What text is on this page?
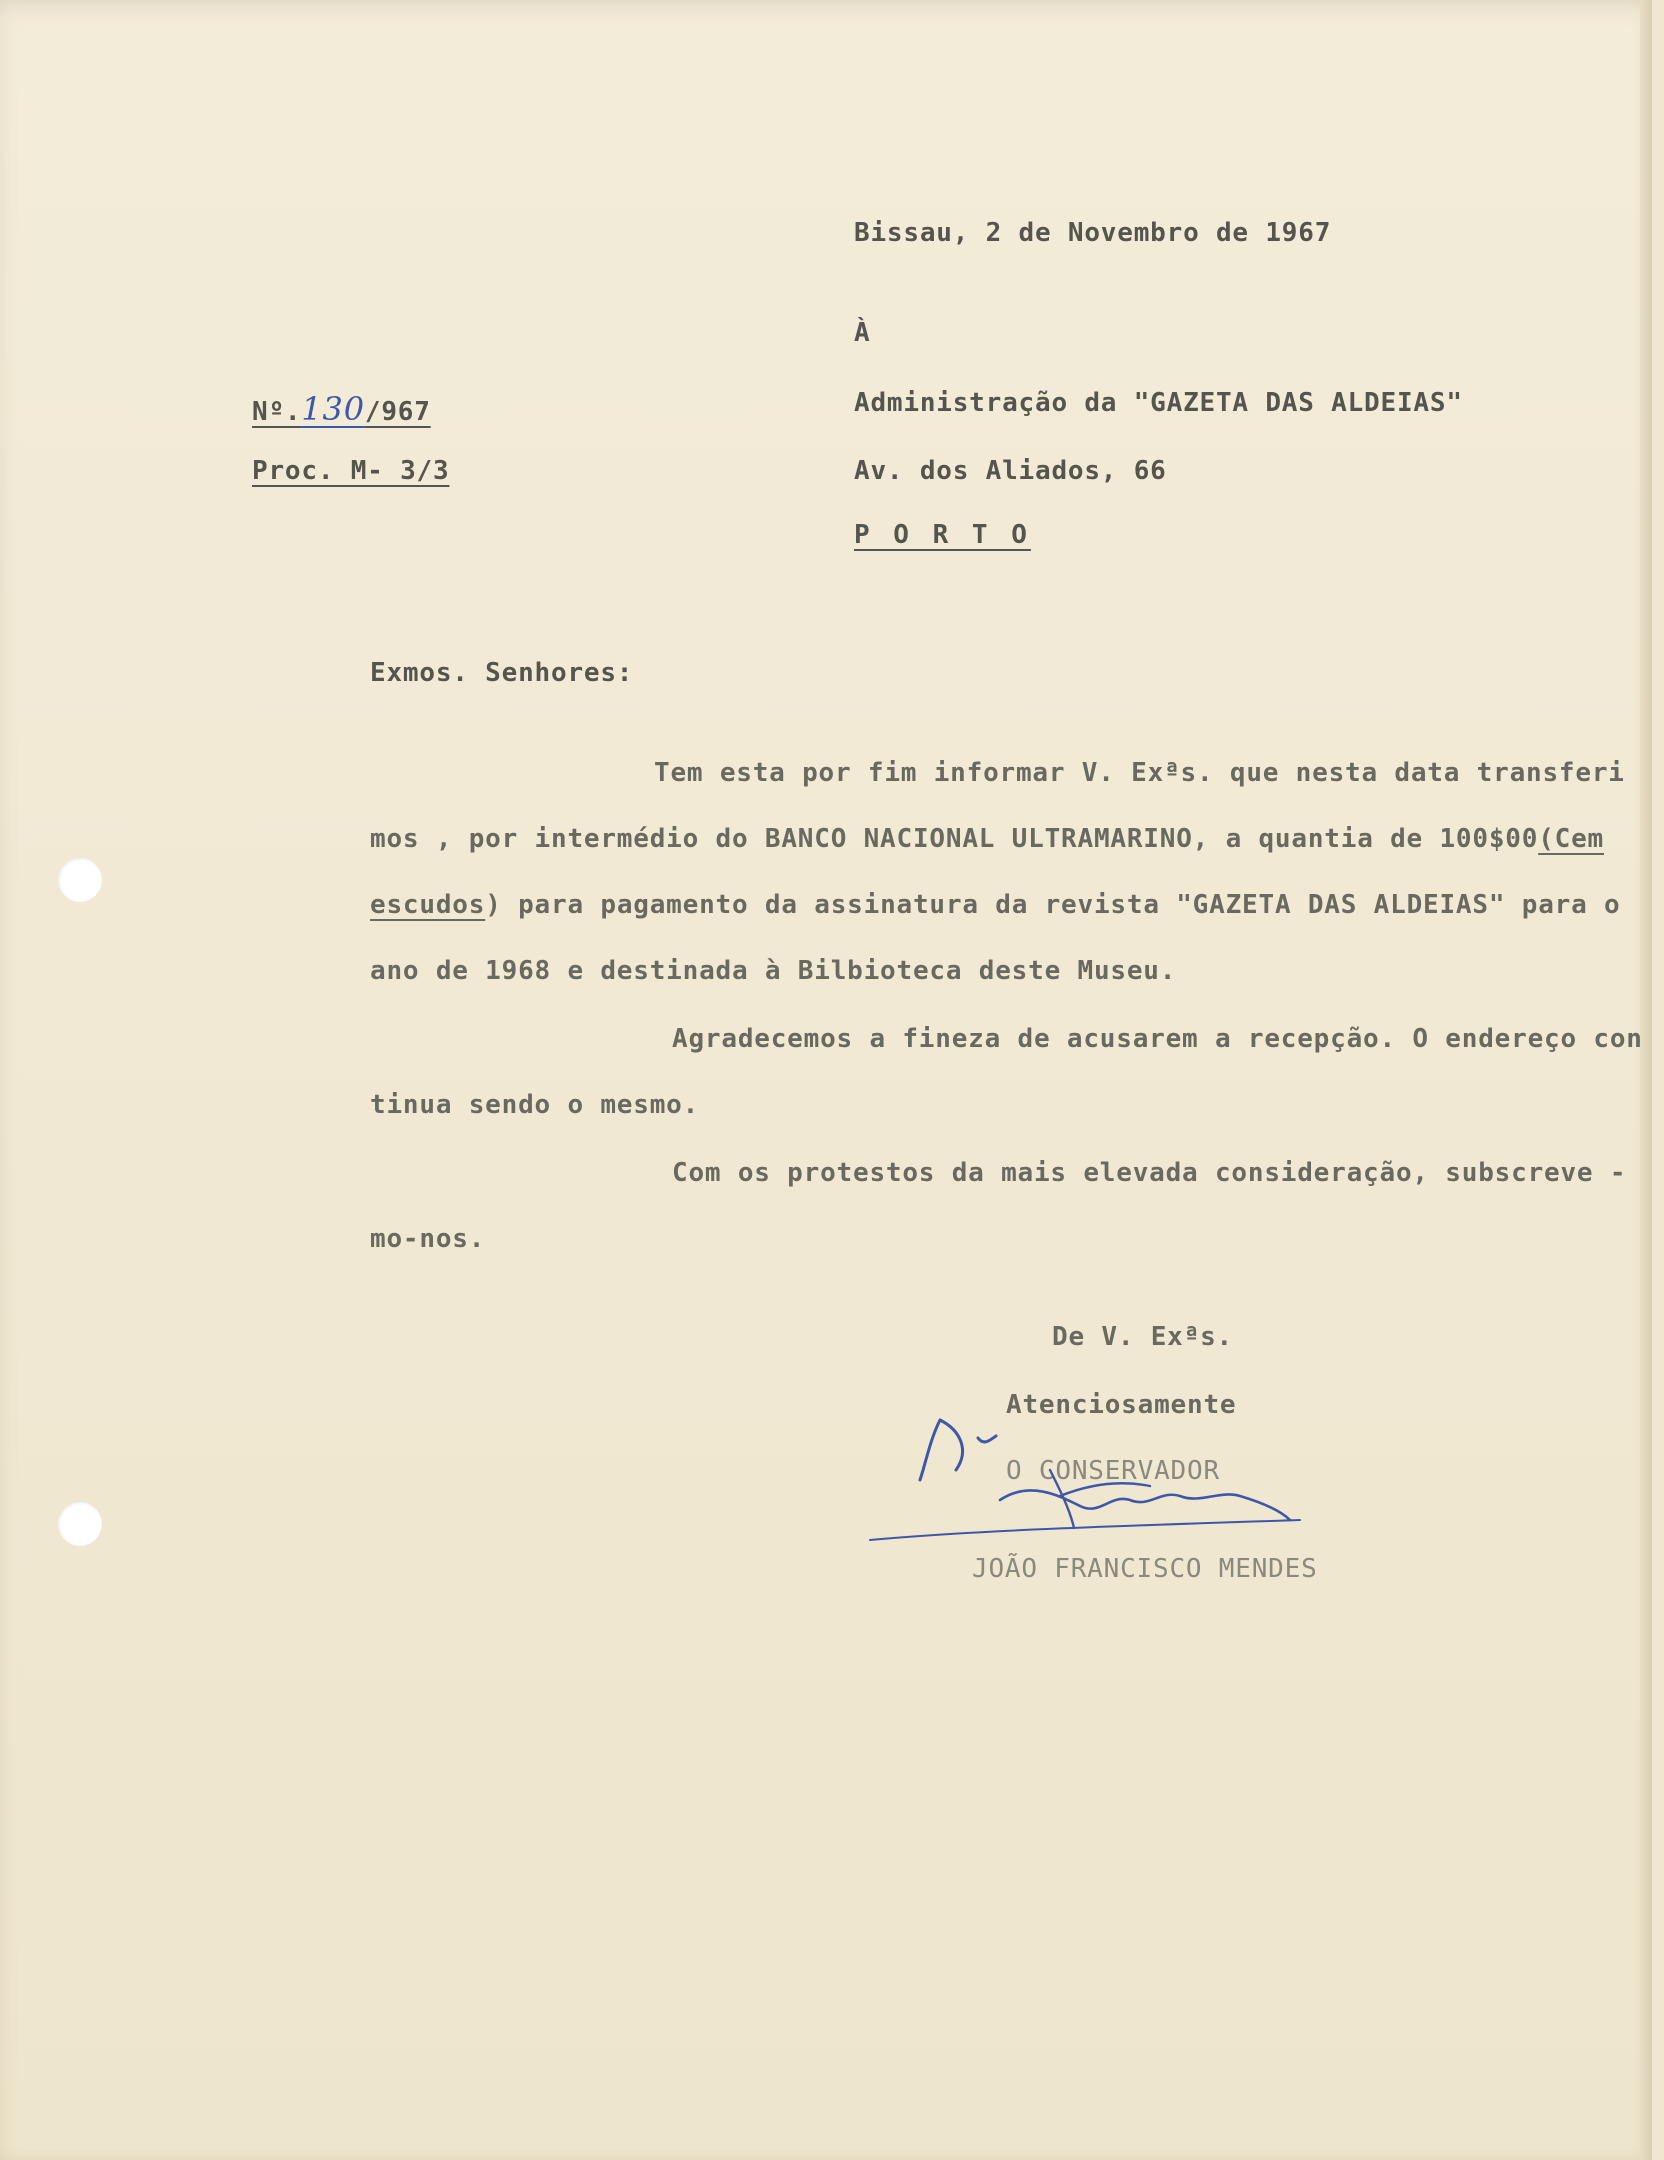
Bissau, 2 de Novembro de 1967
À
Nº.130/967
Proc. M- 3/3
Administração da "GAZETA DAS ALDEIAS"
Av. dos Aliados, 66
P O R T O
Exmos. Senhores:
Tem esta por fim informar V. Exªs. que nesta data transferi
mos , por intermédio do BANCO NACIONAL ULTRAMARINO, a quantia de 100$00(Cem
escudos) para pagamento da assinatura da revista "GAZETA DAS ALDEIAS" para o
ano de 1968 e destinada à Bilbioteca deste Museu.
Agradecemos a fineza de acusarem a recepção. O endereço con
tinua sendo o mesmo.
Com os protestos da mais elevada consideração, subscreve -
mo-nos.
De V. Exªs.
Atenciosamente
O CONSERVADOR
JOÃO FRANCISCO MENDES
